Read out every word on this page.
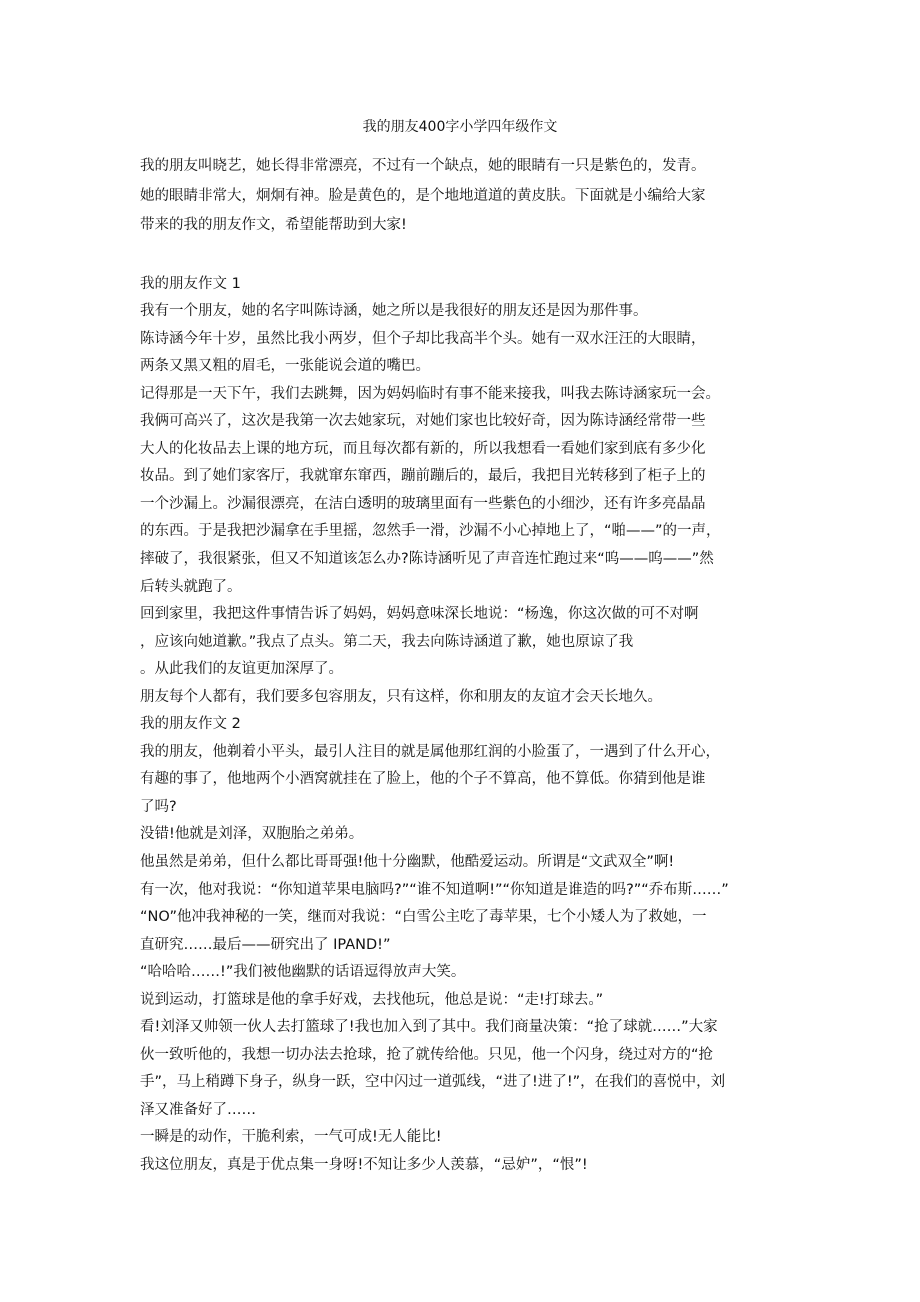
我的朋友400字小学四年级作文
我的朋友叫晓艺，她长得非常漂亮，不过有一个缺点，她的眼睛有一只是紫色的，发青。
她的眼睛非常大，炯炯有神。脸是黄色的，是个地地道道的黄皮肤。下面就是小编给大家
带来的我的朋友作文，希望能帮助到大家!
我的朋友作文 1
我有一个朋友，她的名字叫陈诗涵，她之所以是我很好的朋友还是因为那件事。
陈诗涵今年十岁，虽然比我小两岁，但个子却比我高半个头。她有一双水汪汪的大眼睛，
两条又黑又粗的眉毛，一张能说会道的嘴巴。
记得那是一天下午，我们去跳舞，因为妈妈临时有事不能来接我，叫我去陈诗涵家玩一会。
我俩可高兴了，这次是我第一次去她家玩，对她们家也比较好奇，因为陈诗涵经常带一些
大人的化妆品去上课的地方玩，而且每次都有新的，所以我想看一看她们家到底有多少化
妆品。到了她们家客厅，我就窜东窜西，蹦前蹦后的，最后，我把目光转移到了柜子上的
一个沙漏上。沙漏很漂亮，在洁白透明的玻璃里面有一些紫色的小细沙，还有许多亮晶晶
的东西。于是我把沙漏拿在手里摇，忽然手一滑，沙漏不小心掉地上了，“啪——”的一声，
摔破了，我很紧张，但又不知道该怎么办?陈诗涵听见了声音连忙跑过来“呜——呜——”然
后转头就跑了。
回到家里，我把这件事情告诉了妈妈，妈妈意味深长地说：“杨逸，你这次做的可不对啊
，应该向她道歉。”我点了点头。第二天，我去向陈诗涵道了歉，她也原谅了我
。从此我们的友谊更加深厚了。
朋友每个人都有，我们要多包容朋友，只有这样，你和朋友的友谊才会天长地久。
我的朋友作文 2
我的朋友，他剃着小平头，最引人注目的就是属他那红润的小脸蛋了，一遇到了什么开心，
有趣的事了，他地两个小酒窝就挂在了脸上，他的个子不算高，他不算低。你猜到他是谁
了吗?
没错!他就是刘泽，双胞胎之弟弟。
他虽然是弟弟，但什么都比哥哥强!他十分幽默，他酷爱运动。所谓是“文武双全”啊!
有一次，他对我说：“你知道苹果电脑吗?”“谁不知道啊!”“你知道是谁造的吗?”“乔布斯……”
“NO”他冲我神秘的一笑，继而对我说：“白雪公主吃了毒苹果，七个小矮人为了救她，一
直研究……最后——研究出了 IPAND!”
“哈哈哈……!”我们被他幽默的话语逗得放声大笑。
说到运动，打篮球是他的拿手好戏，去找他玩，他总是说：“走!打球去。”
看!刘泽又帅领一伙人去打篮球了!我也加入到了其中。我们商量决策：“抢了球就……”大家
伙一致听他的，我想一切办法去抢球，抢了就传给他。只见，他一个闪身，绕过对方的“抢
手”，马上稍蹲下身子，纵身一跃，空中闪过一道弧线，“进了!进了!”，在我们的喜悦中，刘
泽又准备好了……
一瞬是的动作，干脆利索，一气可成!无人能比!
我这位朋友，真是于优点集一身呀!不知让多少人羡慕，“忌妒”，“恨”!
